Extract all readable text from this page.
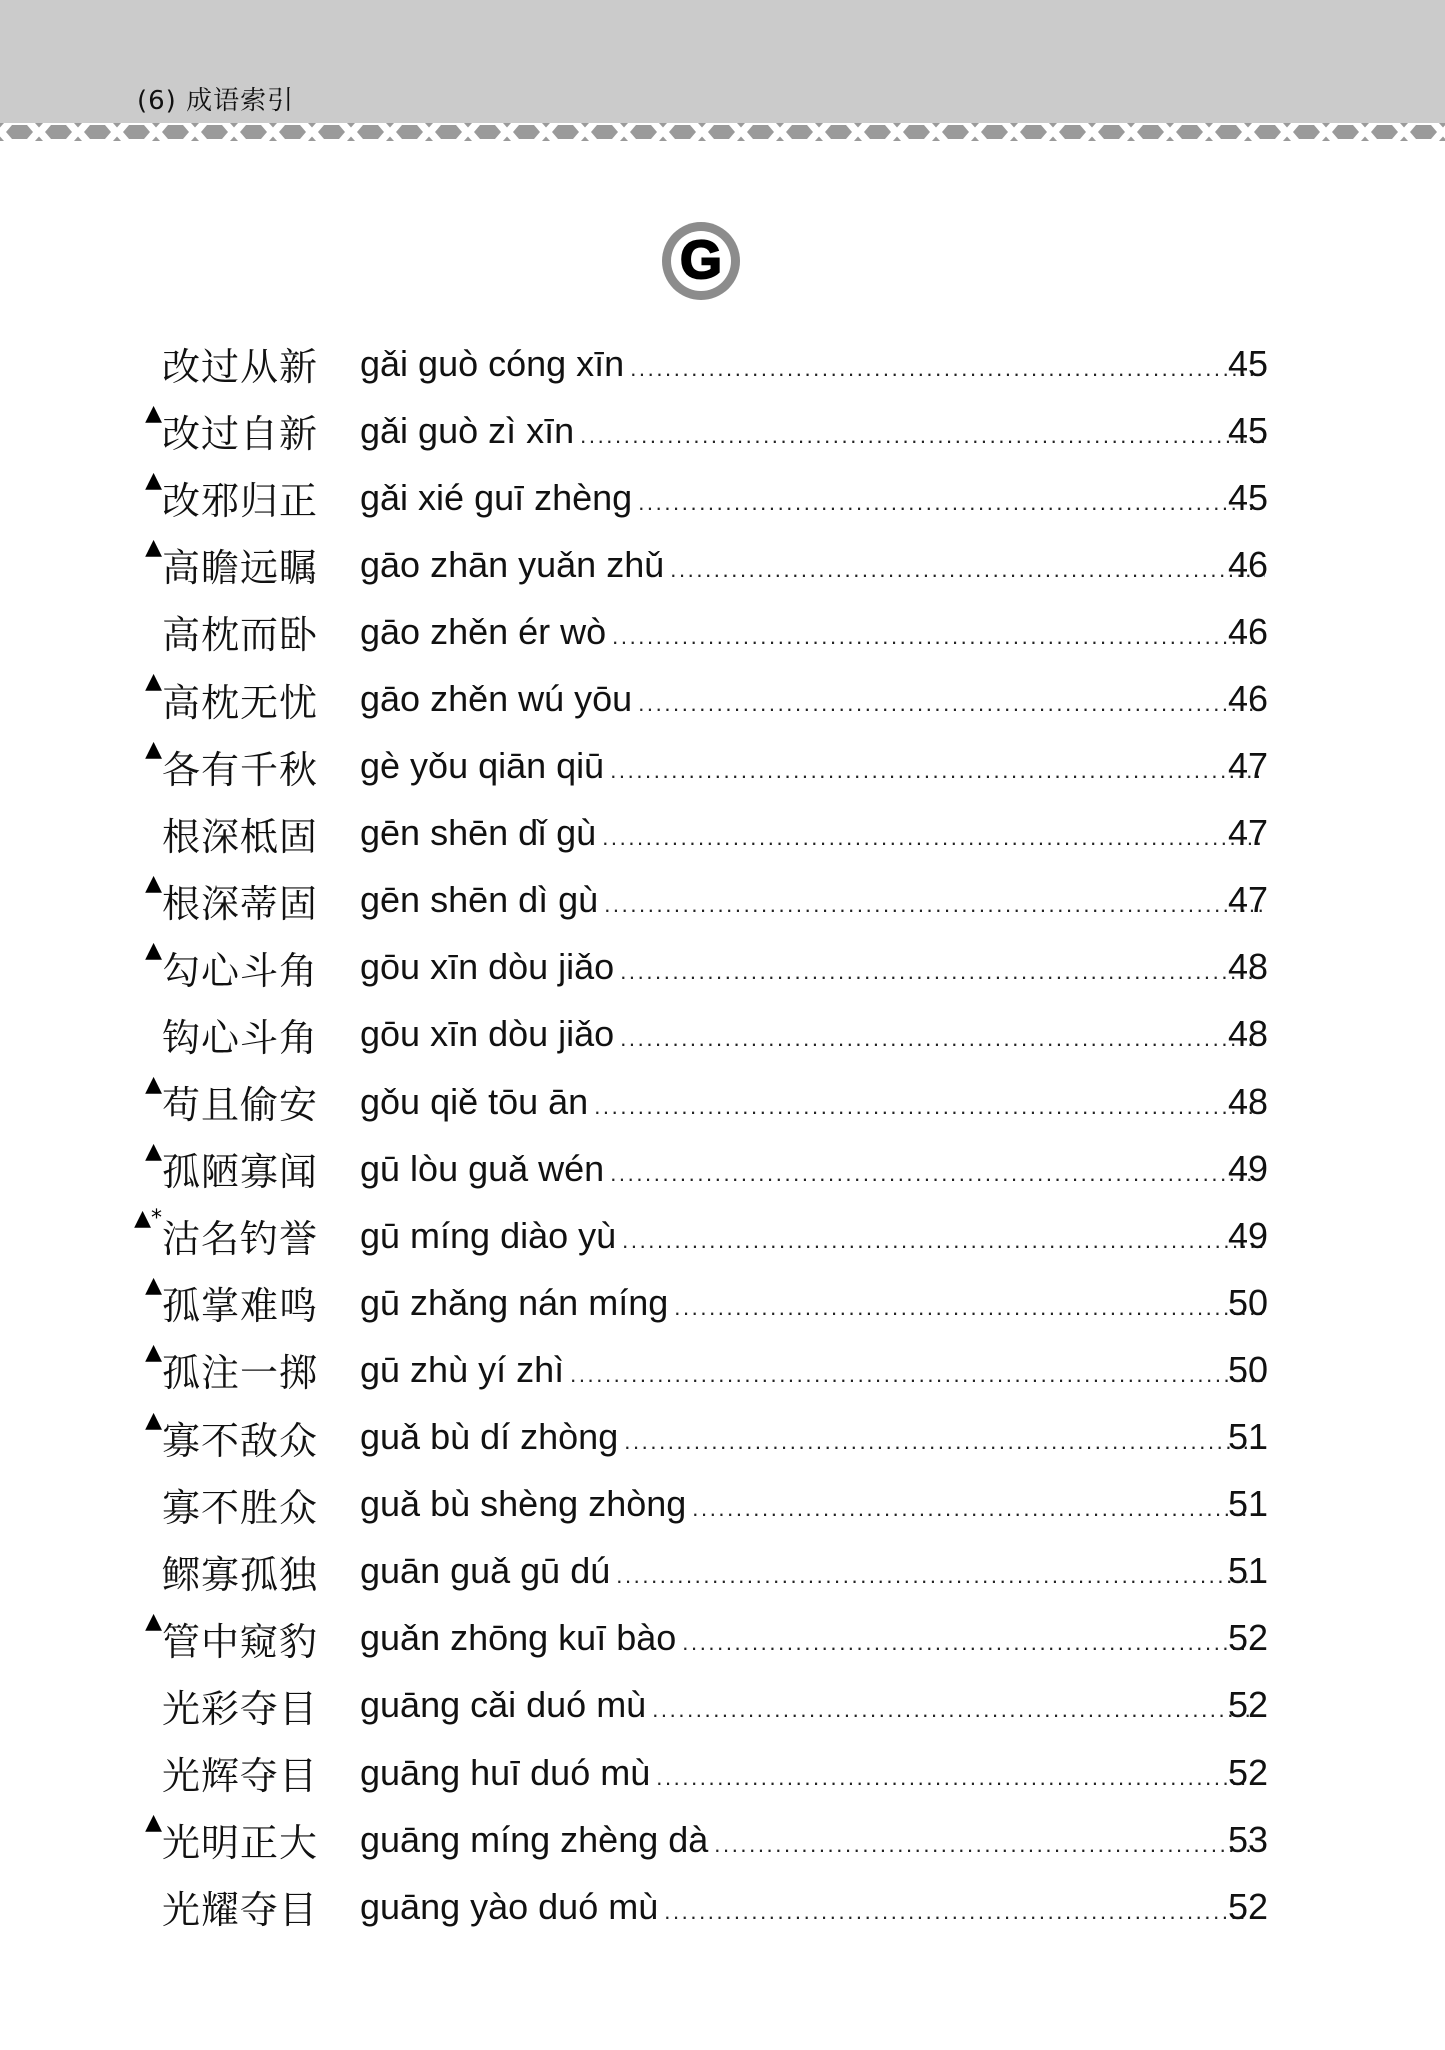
(6) 成语索引
G
改过从新	gǎi guò cóng xīn .....	45
▲ 改过自新	gǎi guò zì xīn .....	45
▲ 改邪归正	gǎi xié guī zhèng .....	45
▲ 高瞻远瞩	gāo zhān yuǎn zhǔ .....	46
高枕而卧	gāo zhěn ér wò .....	46
▲ 高枕无忧	gāo zhěn wú yōu .....	46
▲ 各有千秋	gè yǒu qiān qiū .....	47
根深柢固	gēn shēn dǐ gù .....	47
▲ 根深蒂固	gēn shēn dì gù .....	47
▲ 勾心斗角	gōu xīn dòu jiǎo .....	48
钩心斗角	gōu xīn dòu jiǎo .....	48
▲ 苟且偷安	gǒu qiě tōu ān .....	48
▲ 孤陋寡闻	gū lòu guǎ wén .....	49
▲* 沽名钓誉	gū míng diào yù .....	49
▲ 孤掌难鸣	gū zhǎng nán míng .....	50
▲ 孤注一掷	gū zhù yí zhì .....	50
▲ 寡不敌众	guǎ bù dí zhòng .....	51
寡不胜众	guǎ bù shèng zhòng .....	51
鳏寡孤独	guān guǎ gū dú .....	51
▲ 管中窥豹	guǎn zhōng kuī bào .....	52
光彩夺目	guāng cǎi duó mù .....	52
光辉夺目	guāng huī duó mù .....	52
▲ 光明正大	guāng míng zhèng dà .....	53
光耀夺目	guāng yào duó mù .....	52
